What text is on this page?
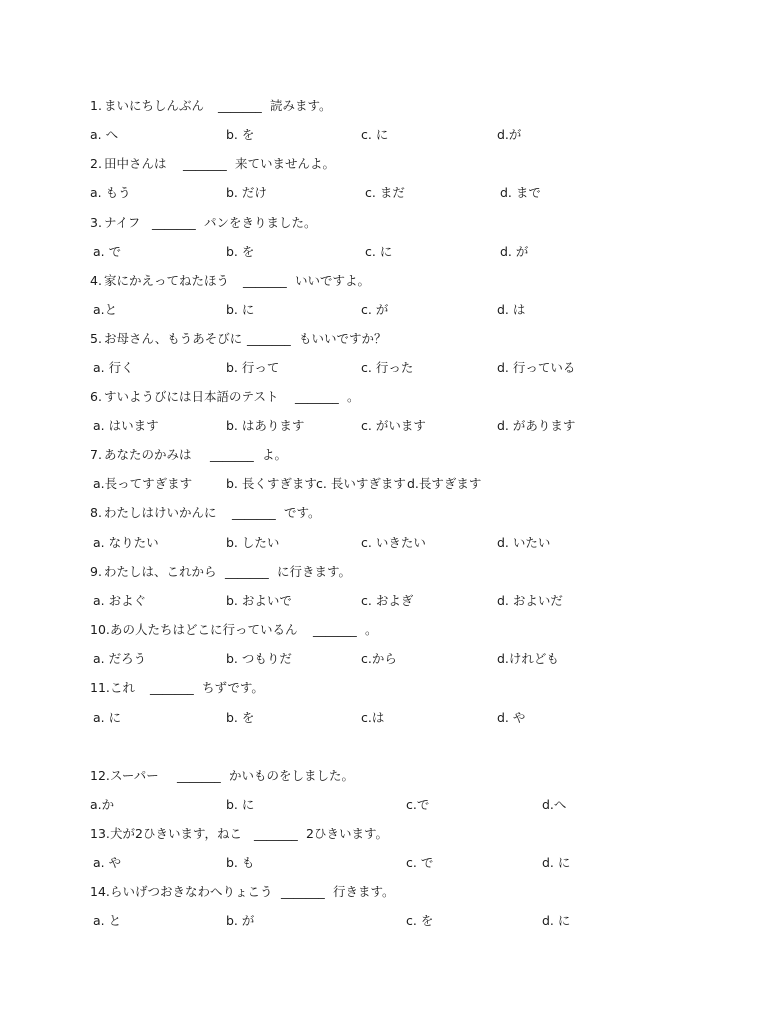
1. まいにちしんぶん _______ 読みます。
a. へ	b. を	c. に	d.が
2. 田中さんは _______ 来ていませんよ。
a. もう	b. だけ	c. まだ	d. まで
3. ナイフ _______ パンをきりました。
a. で	b. を	c. に	d. が
4. 家にかえってねたほう _______ いいですよ。
a.と	b. に	c. が	d. は
5. お母さん、もうあそびに _______ もいいですか？
a. 行く	b. 行って	c. 行った	d. 行っている
6. すいようびには日本語のテスト _______ 。
a. はいます	b. はあります	c. がいます	d. があります
7. あなたのかみは _______ よ。
a.長ってすぎます	b. 長くすぎます c. 長いすぎます d.長すぎます
8. わたしはけいかんに _______ です。
a. なりたい	b. したい	c. いきたい	d. いたい
9. わたしは、これから _______ に行きます。
a. およぐ	b. およいで	c. およぎ	d. およいだ
10. あの人たちはどこに行っているん _______ 。
a. だろう	b. つもりだ	c.から	d.けれども
11. これ _______ ちずです。
a. に	b. を	c.は	d. や
12. スーパー _______ かいものをしました。
a.か	b. に	c.で	d.へ
13. 犬が2ひきいます，ねこ _______ 2ひきいます。
a. や	b. も	c. で	d. に
14. らいげつおきなわへりょこう _______ 行きます。
a. と	b. が	c. を	d. に
